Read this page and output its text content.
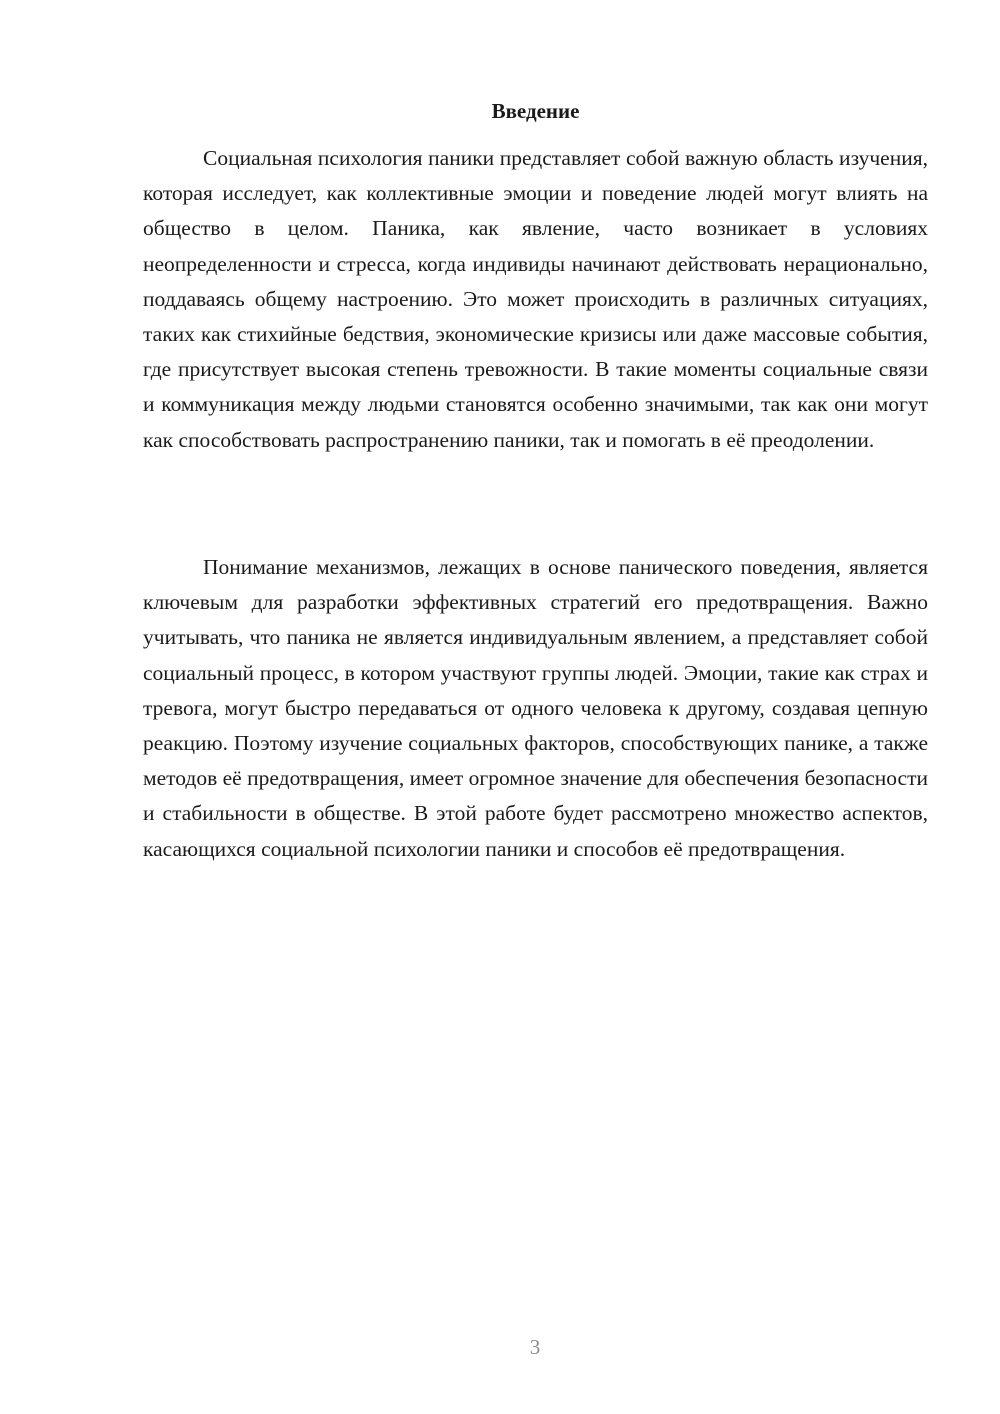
Введение

Социальная психология паники представляет собой важную область изучения, которая исследует, как коллективные эмоции и поведение людей могут влиять на общество в целом. Паника, как явление, часто возникает в условиях неопределенности и стресса, когда индивиды начинают действовать нерационально, поддаваясь общему настроению. Это может происходить в различных ситуациях, таких как стихийные бедствия, экономические кризисы или даже массовые события, где присутствует высокая степень тревожности. В такие моменты социальные связи и коммуникация между людьми становятся особенно значимыми, так как они могут как способствовать распространению паники, так и помогать в её преодолении.

Понимание механизмов, лежащих в основе панического поведения, является ключевым для разработки эффективных стратегий его предотвращения. Важно учитывать, что паника не является индивидуальным явлением, а представляет собой социальный процесс, в котором участвуют группы людей. Эмоции, такие как страх и тревога, могут быстро передаваться от одного человека к другому, создавая цепную реакцию. Поэтому изучение социальных факторов, способствующих панике, а также методов её предотвращения, имеет огромное значение для обеспечения безопасности и стабильности в обществе. В этой работе будет рассмотрено множество аспектов, касающихся социальной психологии паники и способов её предотвращения.

3
